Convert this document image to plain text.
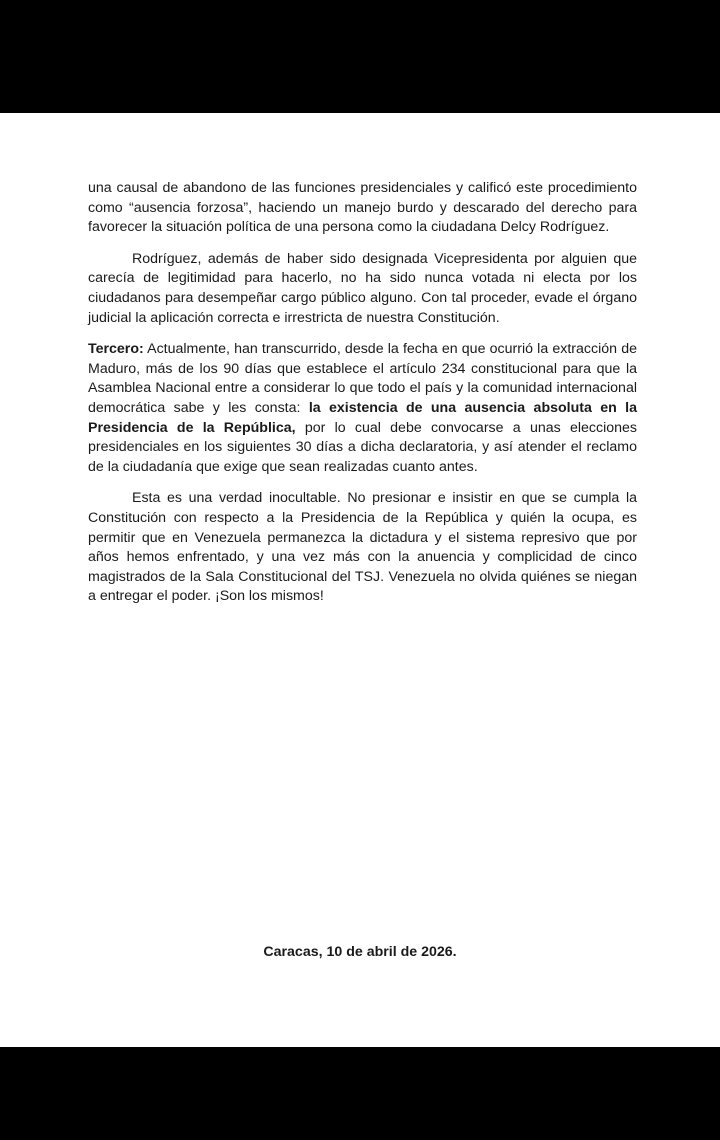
una causal de abandono de las funciones presidenciales y calificó este procedimiento como “ausencia forzosa”, haciendo un manejo burdo y descarado del derecho para favorecer la situación política de una persona como la ciudadana Delcy Rodríguez.

Rodríguez, además de haber sido designada Vicepresidenta por alguien que carecía de legitimidad para hacerlo, no ha sido nunca votada ni electa por los ciudadanos para desempeñar cargo público alguno. Con tal proceder, evade el órgano judicial la aplicación correcta e irrestricta de nuestra Constitución.

Tercero: Actualmente, han transcurrido, desde la fecha en que ocurrió la extracción de Maduro, más de los 90 días que establece el artículo 234 constitucional para que la Asamblea Nacional entre a considerar lo que todo el país y la comunidad internacional democrática sabe y les consta: la existencia de una ausencia absoluta en la Presidencia de la República, por lo cual debe convocarse a unas elecciones presidenciales en los siguientes 30 días a dicha declaratoria, y así atender el reclamo de la ciudadanía que exige que sean realizadas cuanto antes.

Esta es una verdad inocultable. No presionar e insistir en que se cumpla la Constitución con respecto a la Presidencia de la República y quién la ocupa, es permitir que en Venezuela permanezca la dictadura y el sistema represivo que por años hemos enfrentado, y una vez más con la anuencia y complicidad de cinco magistrados de la Sala Constitucional del TSJ. Venezuela no olvida quiénes se niegan a entregar el poder. ¡Son los mismos!

Caracas, 10 de abril de 2026.
